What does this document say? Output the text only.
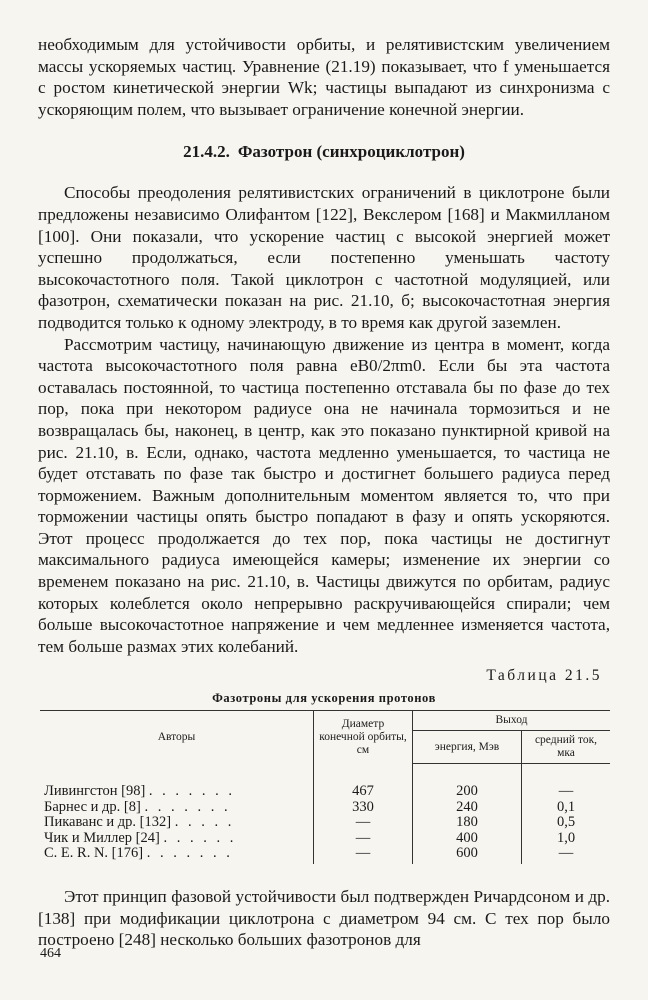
необходимым для устойчивости орбиты, и релятивистским увеличением массы ускоряемых частиц. Уравнение (21.19) показывает, что f уменьшается с ростом кинетической энергии Wk; частицы выпадают из синхронизма с ускоряющим полем, что вызывает ограничение конечной энергии.

21.4.2. Фазотрон (синхроциклотрон)

Способы преодоления релятивистских ограничений в циклотроне были предложены независимо Олифантом [122], Векслером [168] и Макмилланом [100]. Они показали, что ускорение частиц с высокой энергией может успешно продолжаться, если постепенно уменьшать частоту высокочастотного поля. Такой циклотрон с частотной модуляцией, или фазотрон, схематически показан на рис. 21.10, б; высокочастотная энергия подводится только к одному электроду, в то время как другой заземлен.

Рассмотрим частицу, начинающую движение из центра в момент, когда частота высокочастотного поля равна eB0/2πm0. Если бы эта частота оставалась постоянной, то частица постепенно отставала бы по фазе до тех пор, пока при некотором радиусе она не начинала тормозиться и не возвращалась бы, наконец, в центр, как это показано пунктирной кривой на рис. 21.10, в. Если, однако, частота медленно уменьшается, то частица не будет отставать по фазе так быстро и достигнет большего радиуса перед торможением. Важным дополнительным моментом является то, что при торможении частицы опять быстро попадают в фазу и опять ускоряются. Этот процесс продолжается до тех пор, пока частицы не достигнут максимального радиуса имеющейся камеры; изменение их энергии со временем показано на рис. 21.10, в. Частицы движутся по орбитам, радиус которых колеблется около непрерывно раскручивающейся спирали; чем больше высокочастотное напряжение и чем медленнее изменяется частота, тем больше размах этих колебаний.

Таблица 21.5
Фазотроны для ускорения протонов
Авторы	Диаметр конечной орбиты, см	Выход	
		энергия, Мэв	средний ток, мка
Ливингстон [98] . . . . . . .	467	200	—
Барнес и др. [8] . . . . . . .	330	240	0,1
Пикаванс и др. [132] . . . . .	—	180	0,5
Чик и Миллер [24] . . . . . .	—	400	1,0
C. E. R. N. [176] . . . . . . .	—	600	—

Этот принцип фазовой устойчивости был подтвержден Ричардсоном и др. [138] при модификации циклотрона с диаметром 94 см. С тех пор было построено [248] несколько больших фазотронов для

464
